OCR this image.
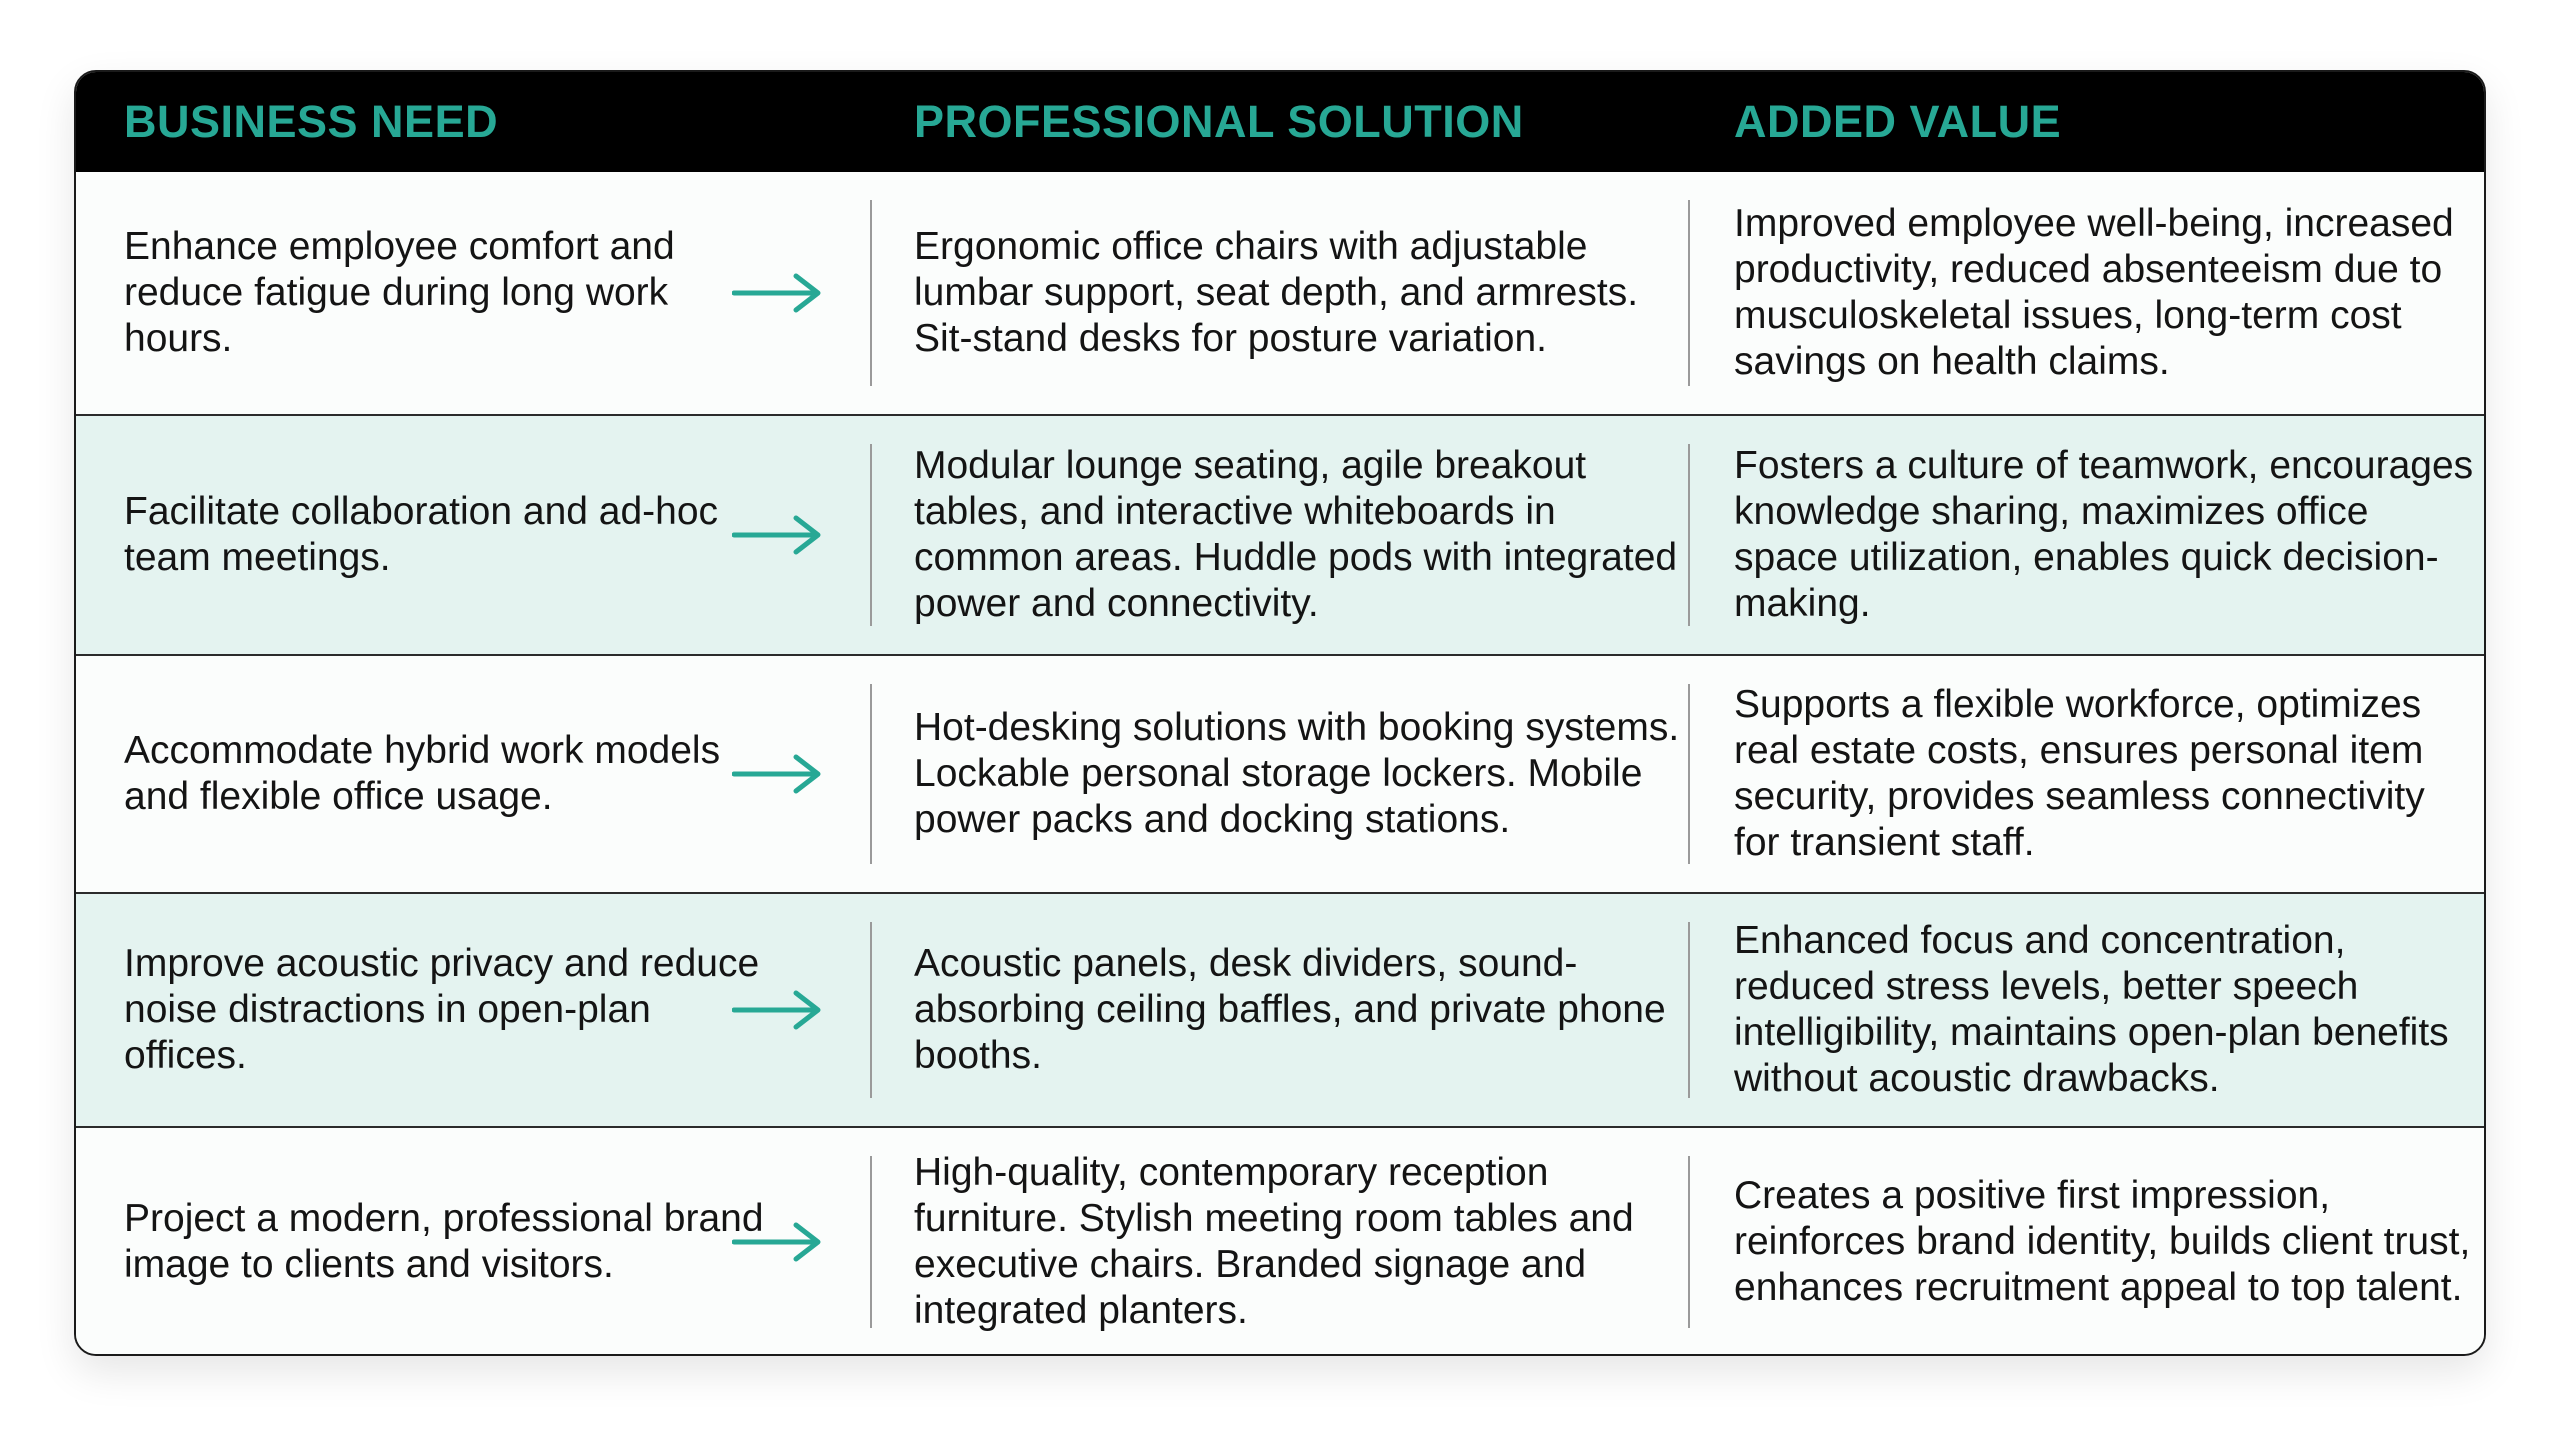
BUSINESS NEED	PROFESSIONAL SOLUTION	ADDED VALUE
Enhance employee comfort and reduce fatigue during long work hours.
Ergonomic office chairs with adjustable lumbar support, seat depth, and armrests. Sit-stand desks for posture variation.
Improved employee well-being, increased productivity, reduced absenteeism due to musculoskeletal issues, long-term cost savings on health claims.
Facilitate collaboration and ad-hoc team meetings.
Modular lounge seating, agile breakout tables, and interactive whiteboards in common areas. Huddle pods with integrated power and connectivity.
Fosters a culture of teamwork, encourages knowledge sharing, maximizes office space utilization, enables quick decision-making.
Accommodate hybrid work models and flexible office usage.
Hot-desking solutions with booking systems. Lockable personal storage lockers. Mobile power packs and docking stations.
Supports a flexible workforce, optimizes real estate costs, ensures personal item security, provides seamless connectivity for transient staff.
Improve acoustic privacy and reduce noise distractions in open-plan offices.
Acoustic panels, desk dividers, sound-absorbing ceiling baffles, and private phone booths.
Enhanced focus and concentration, reduced stress levels, better speech intelligibility, maintains open-plan benefits without acoustic drawbacks.
Project a modern, professional brand image to clients and visitors.
High-quality, contemporary reception furniture. Stylish meeting room tables and executive chairs. Branded signage and integrated planters.
Creates a positive first impression, reinforces brand identity, builds client trust, enhances recruitment appeal to top talent.
